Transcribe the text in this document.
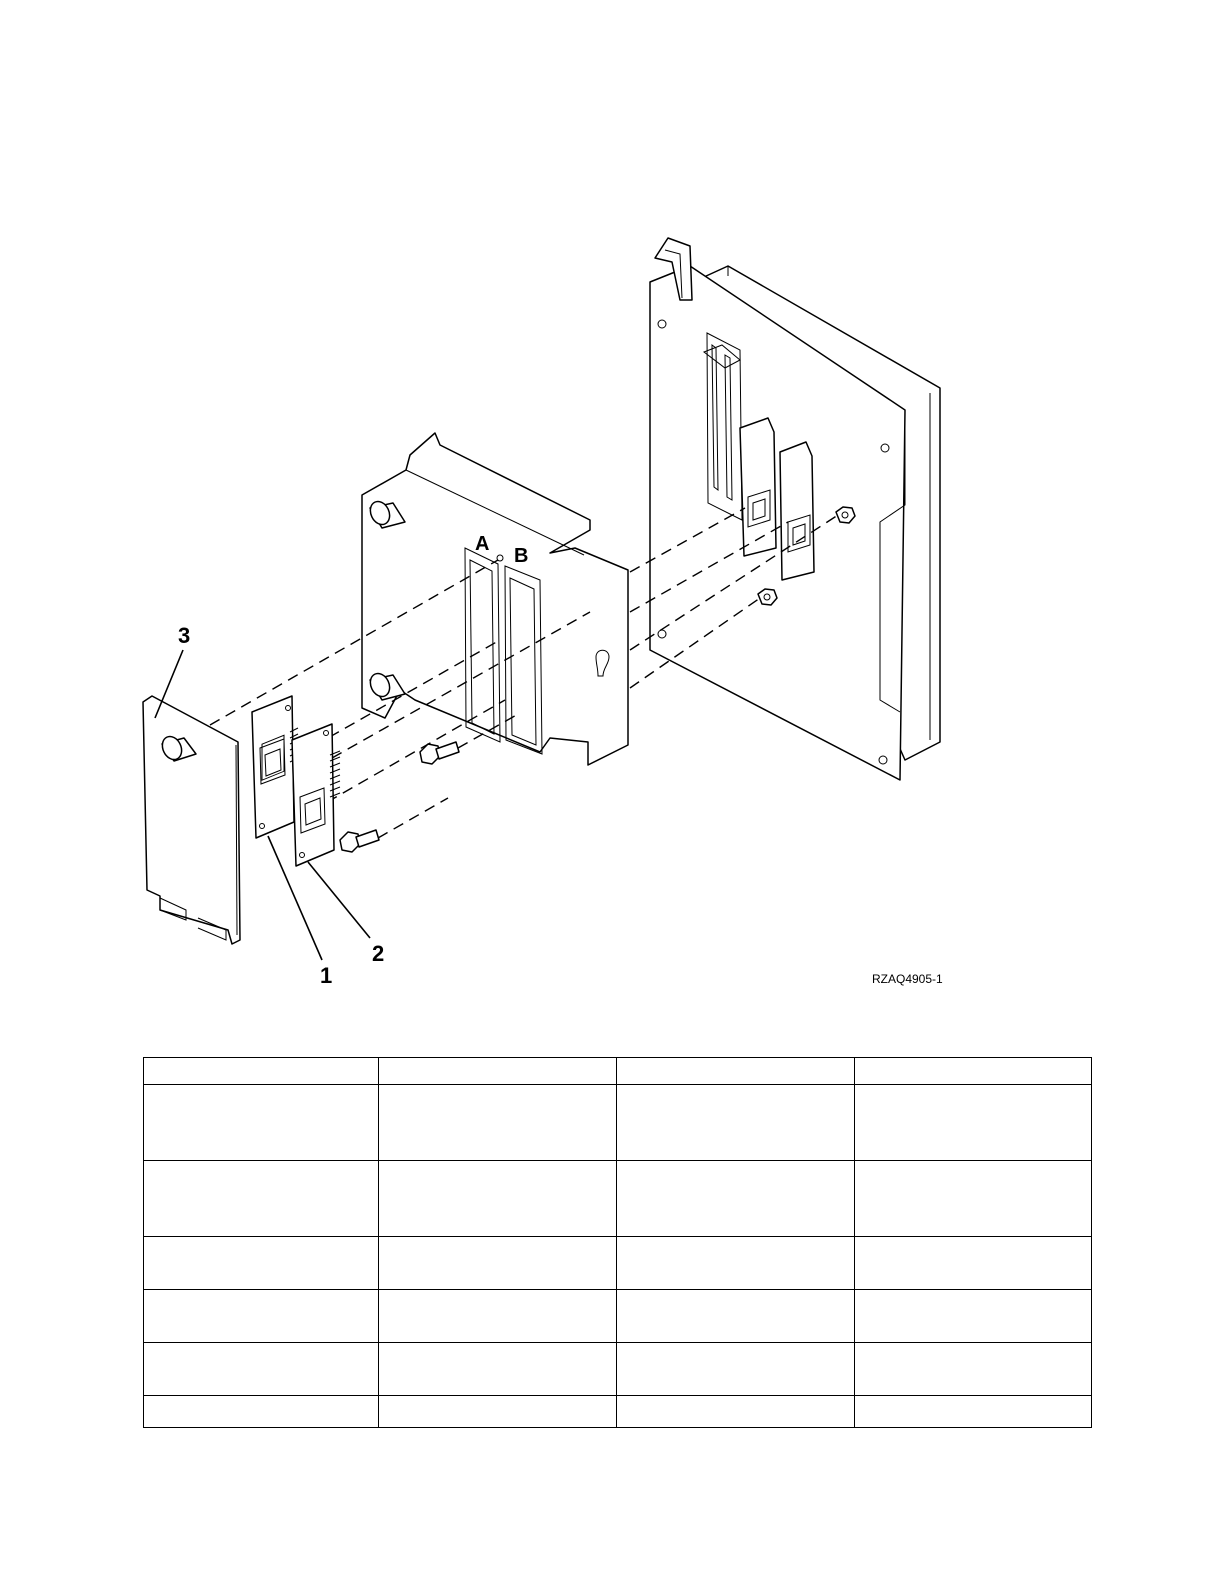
1
2
3
A
B
RZAQ4905-1
